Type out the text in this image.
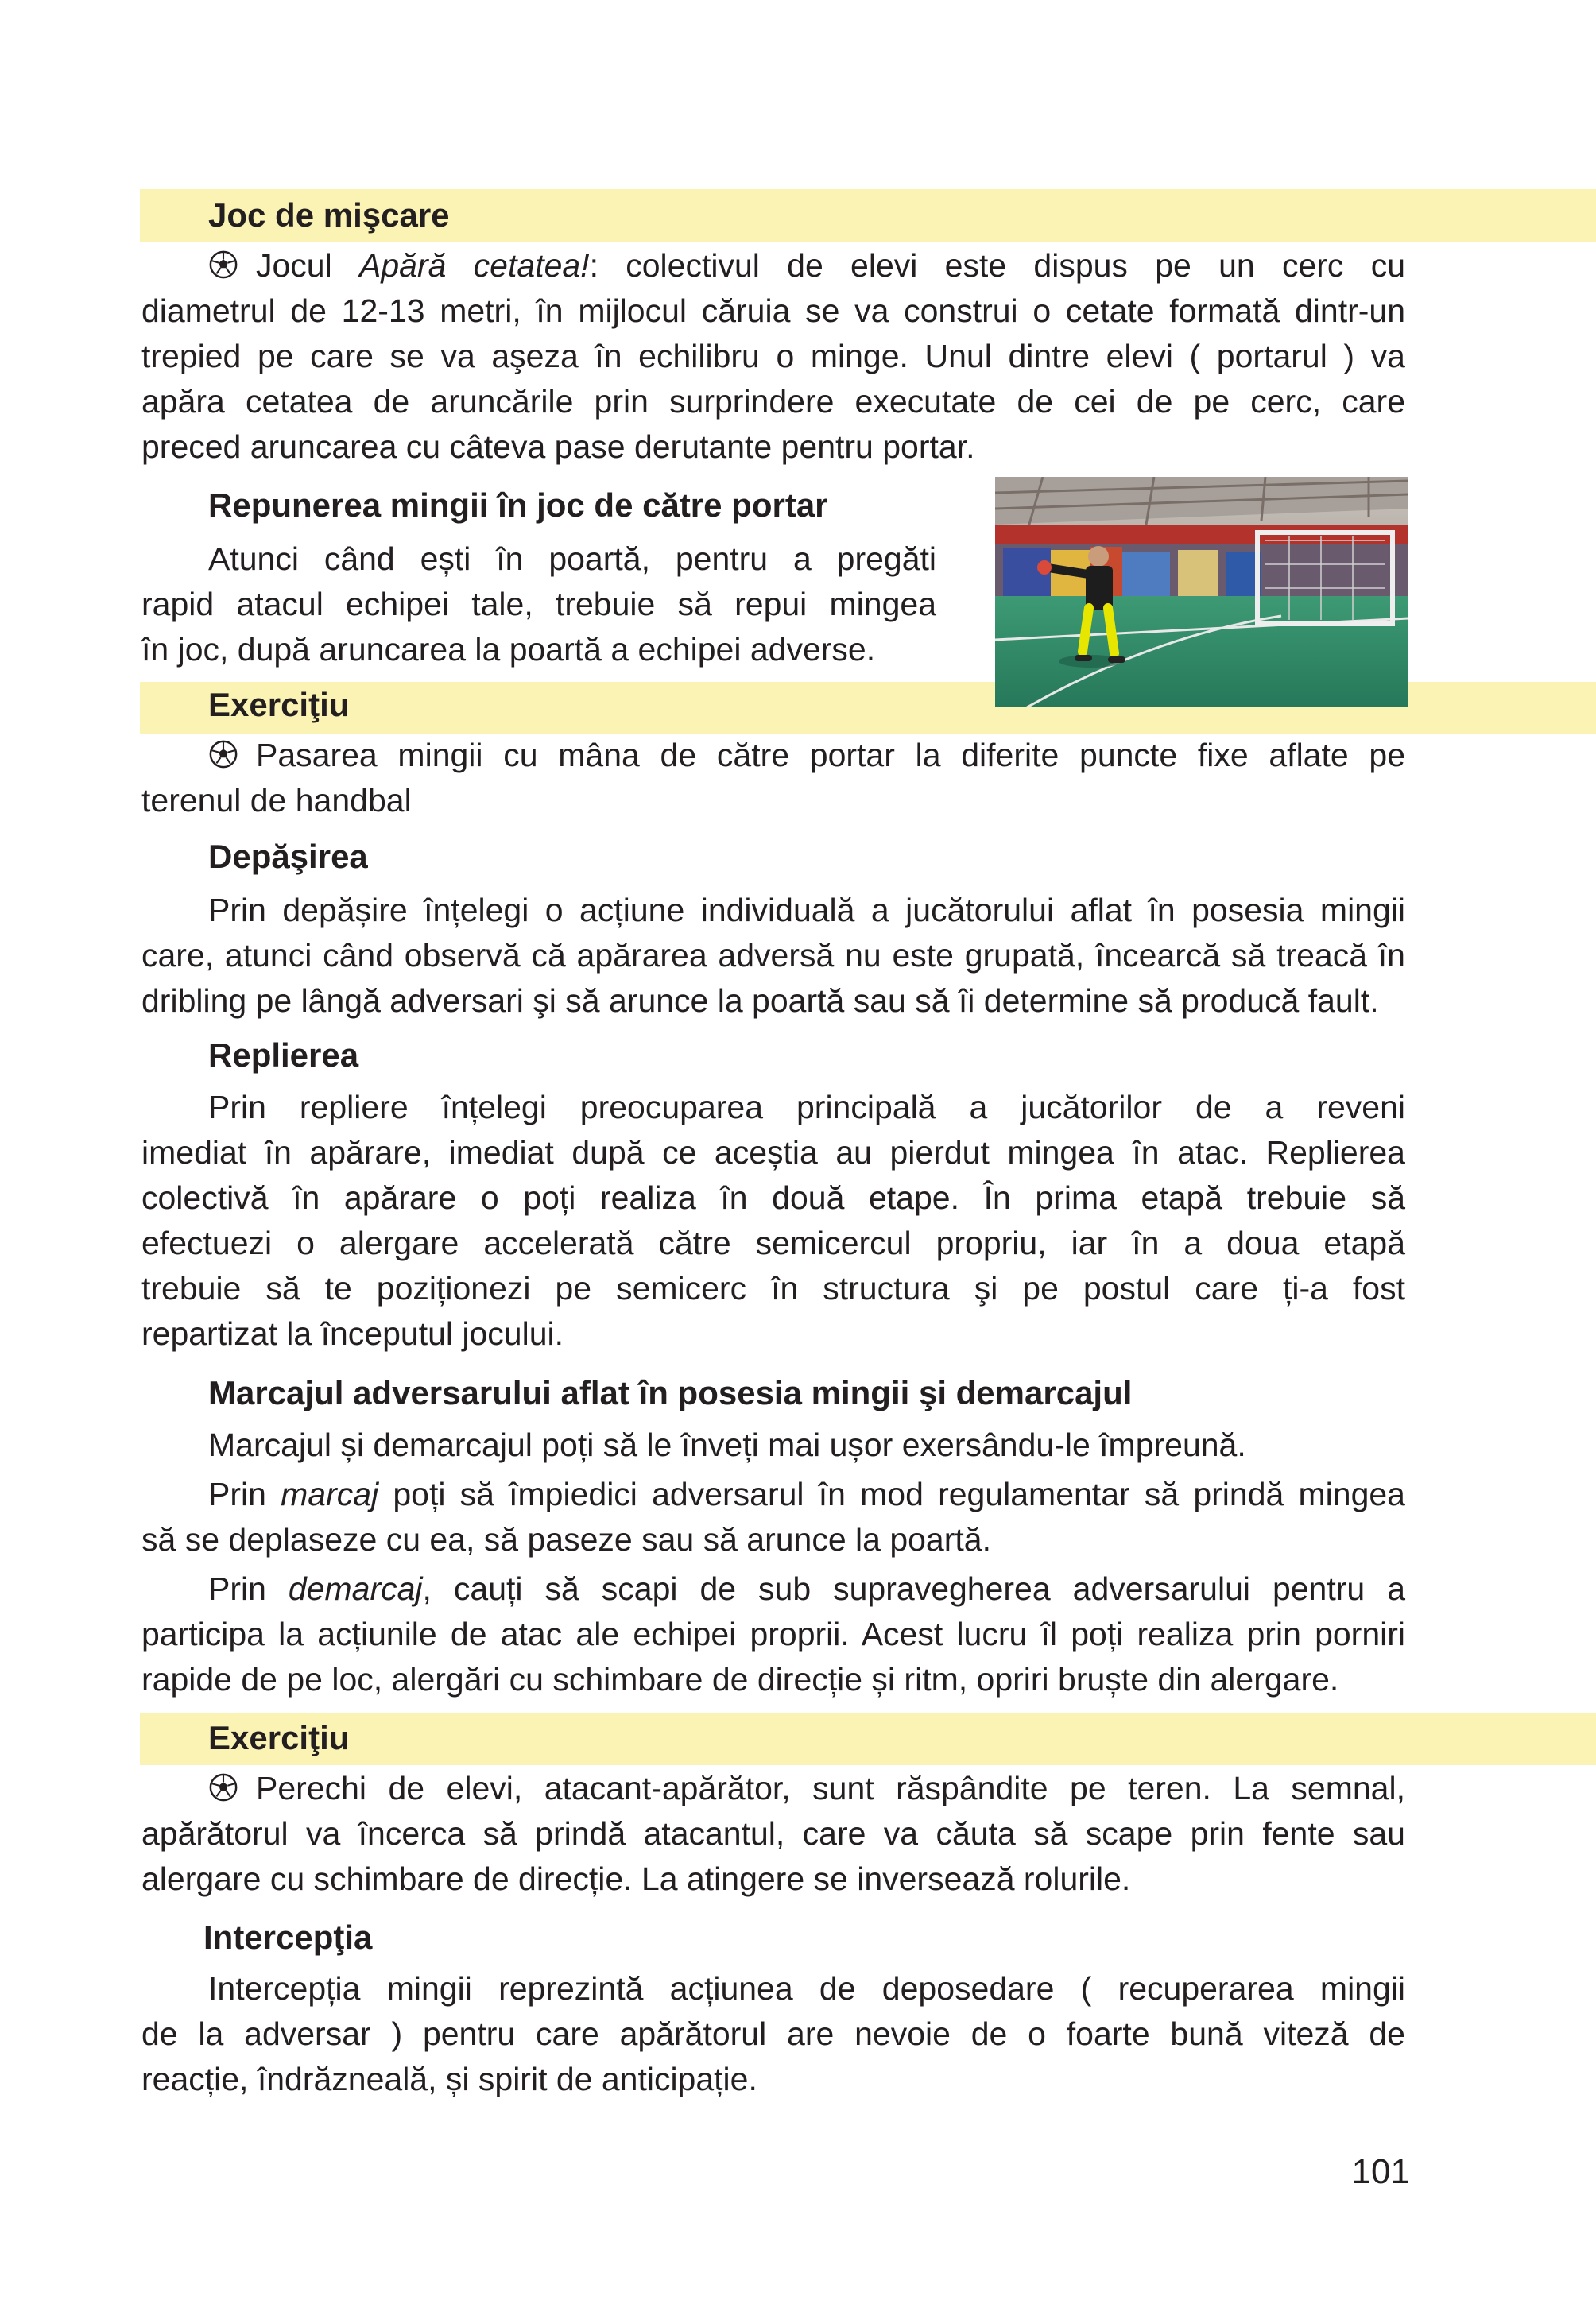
Joc de mişcare
Jocul Apără cetatea!: colectivul de elevi este dispus pe un cerc cu
diametrul de 12-13 metri, în mijlocul căruia se va construi o cetate formată dintr-un
trepied pe care se va aşeza în echilibru o minge. Unul dintre elevi ( portarul ) va
apăra cetatea de aruncările prin surprindere executate de cei de pe cerc, care
preced aruncarea cu câteva pase derutante pentru portar.
Repunerea mingii în joc de către portar
Atunci când ești în poartă, pentru a pregăti
rapid atacul echipei tale, trebuie să repui mingea
în joc, după aruncarea la poartă a echipei adverse.
Exerciţiu
Pasarea mingii cu mâna de către portar la diferite puncte fixe aflate pe
terenul de handbal
Depăşirea
Prin depășire înțelegi o acțiune individuală a jucătorului aflat în posesia mingii
care, atunci când observă că apărarea adversă nu este grupată, încearcă să treacă în
dribling pe lângă adversari şi să arunce la poartă sau să îi determine să producă fault.
Replierea
Prin repliere înțelegi preocuparea principală a jucătorilor de a reveni
imediat în apărare, imediat după ce aceștia au pierdut mingea în atac. Replierea
colectivă în apărare o poți realiza în două etape. În prima etapă trebuie să
efectuezi o alergare accelerată către semicercul propriu, iar în a doua etapă
trebuie să te poziționezi pe semicerc în structura şi pe postul care ți-a fost
repartizat la începutul jocului.
Marcajul adversarului aflat în posesia mingii şi demarcajul
Marcajul și demarcajul poți să le înveți mai ușor exersându-le împreună.
Prin marcaj poți să împiedici adversarul în mod regulamentar să prindă mingea
să se deplaseze cu ea, să paseze sau să arunce la poartă.
Prin demarcaj, cauți să scapi de sub supravegherea adversarului pentru a
participa la acțiunile de atac ale echipei proprii. Acest lucru îl poți realiza prin porniri
rapide de pe loc, alergări cu schimbare de direcție și ritm, opriri bruște din alergare.
Exerciţiu
Perechi de elevi, atacant-apărător, sunt răspândite pe teren. La semnal,
apărătorul va încerca să prindă atacantul, care va căuta să scape prin fente sau
alergare cu schimbare de direcție. La atingere se inversează rolurile.
Intercepţia
Intercepția mingii reprezintă acțiunea de deposedare ( recuperarea mingii
de la adversar ) pentru care apărătorul are nevoie de o foarte bună viteză de
reacție, îndrăzneală, și spirit de anticipație.
101
